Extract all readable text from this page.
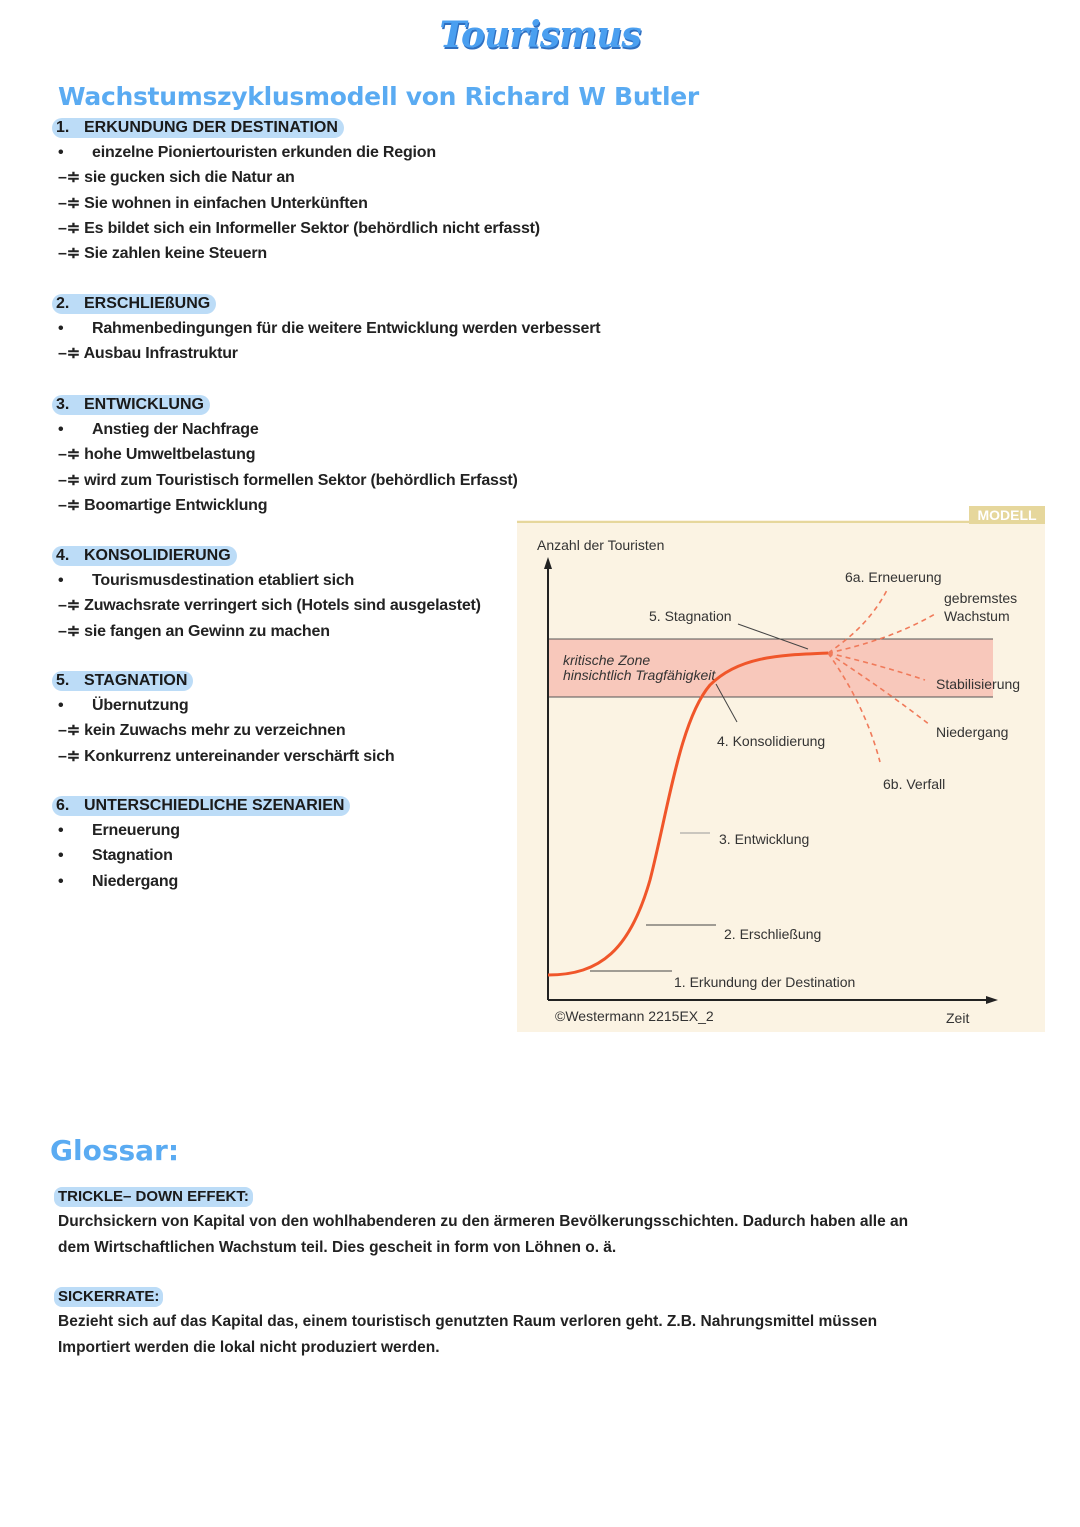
Tourismus
Wachstumszyklusmodell von Richard W Butler
MODELL
kritische Zone
hinsichtlich Tragfähigkeit
Anzahl der Touristen
Zeit
©Westermann 2215EX_2
5. Stagnation
6a. Erneuerung
gebremstes
Wachstum
Stabilisierung
Niedergang
6b. Verfall
4. Konsolidierung
3. Entwicklung
2. Erschließung
1. Erkundung der Destination
1. ERKUNDUNG DER DESTINATION
• einzelne Pioniertouristen erkunden die Region
–≑ sie gucken sich die Natur an
–≑ Sie wohnen in einfachen Unterkünften
–≑ Es bildet sich ein Informeller Sektor (behördlich nicht erfasst)
–≑ Sie zahlen keine Steuern
2. ERSCHLIEßUNG
• Rahmenbedingungen für die weitere Entwicklung werden verbessert
–≑ Ausbau Infrastruktur
3. ENTWICKLUNG
• Anstieg der Nachfrage
–≑ hohe Umweltbelastung
–≑ wird zum Touristisch formellen Sektor (behördlich Erfasst)
–≑ Boomartige Entwicklung
4. KONSOLIDIERUNG
• Tourismusdestination etabliert sich
–≑ Zuwachsrate verringert sich (Hotels sind ausgelastet)
–≑ sie fangen an Gewinn zu machen
5. STAGNATION
• Übernutzung
–≑ kein Zuwachs mehr zu verzeichnen
–≑ Konkurrenz untereinander verschärft sich
6. UNTERSCHIEDLICHE SZENARIEN
• Erneuerung
• Stagnation
• Niedergang
Glossar:
TRICKLE– DOWN EFFEKT:
Durchsickern von Kapital von den wohlhabenderen zu den ärmeren Bevölkerungsschichten. Dadurch haben alle an
dem Wirtschaftlichen Wachstum teil. Dies gescheit in form von Löhnen o. ä.
SICKERRATE:
Bezieht sich auf das Kapital das, einem touristisch genutzten Raum verloren geht. Z.B. Nahrungsmittel müssen
Importiert werden die lokal nicht produziert werden.
